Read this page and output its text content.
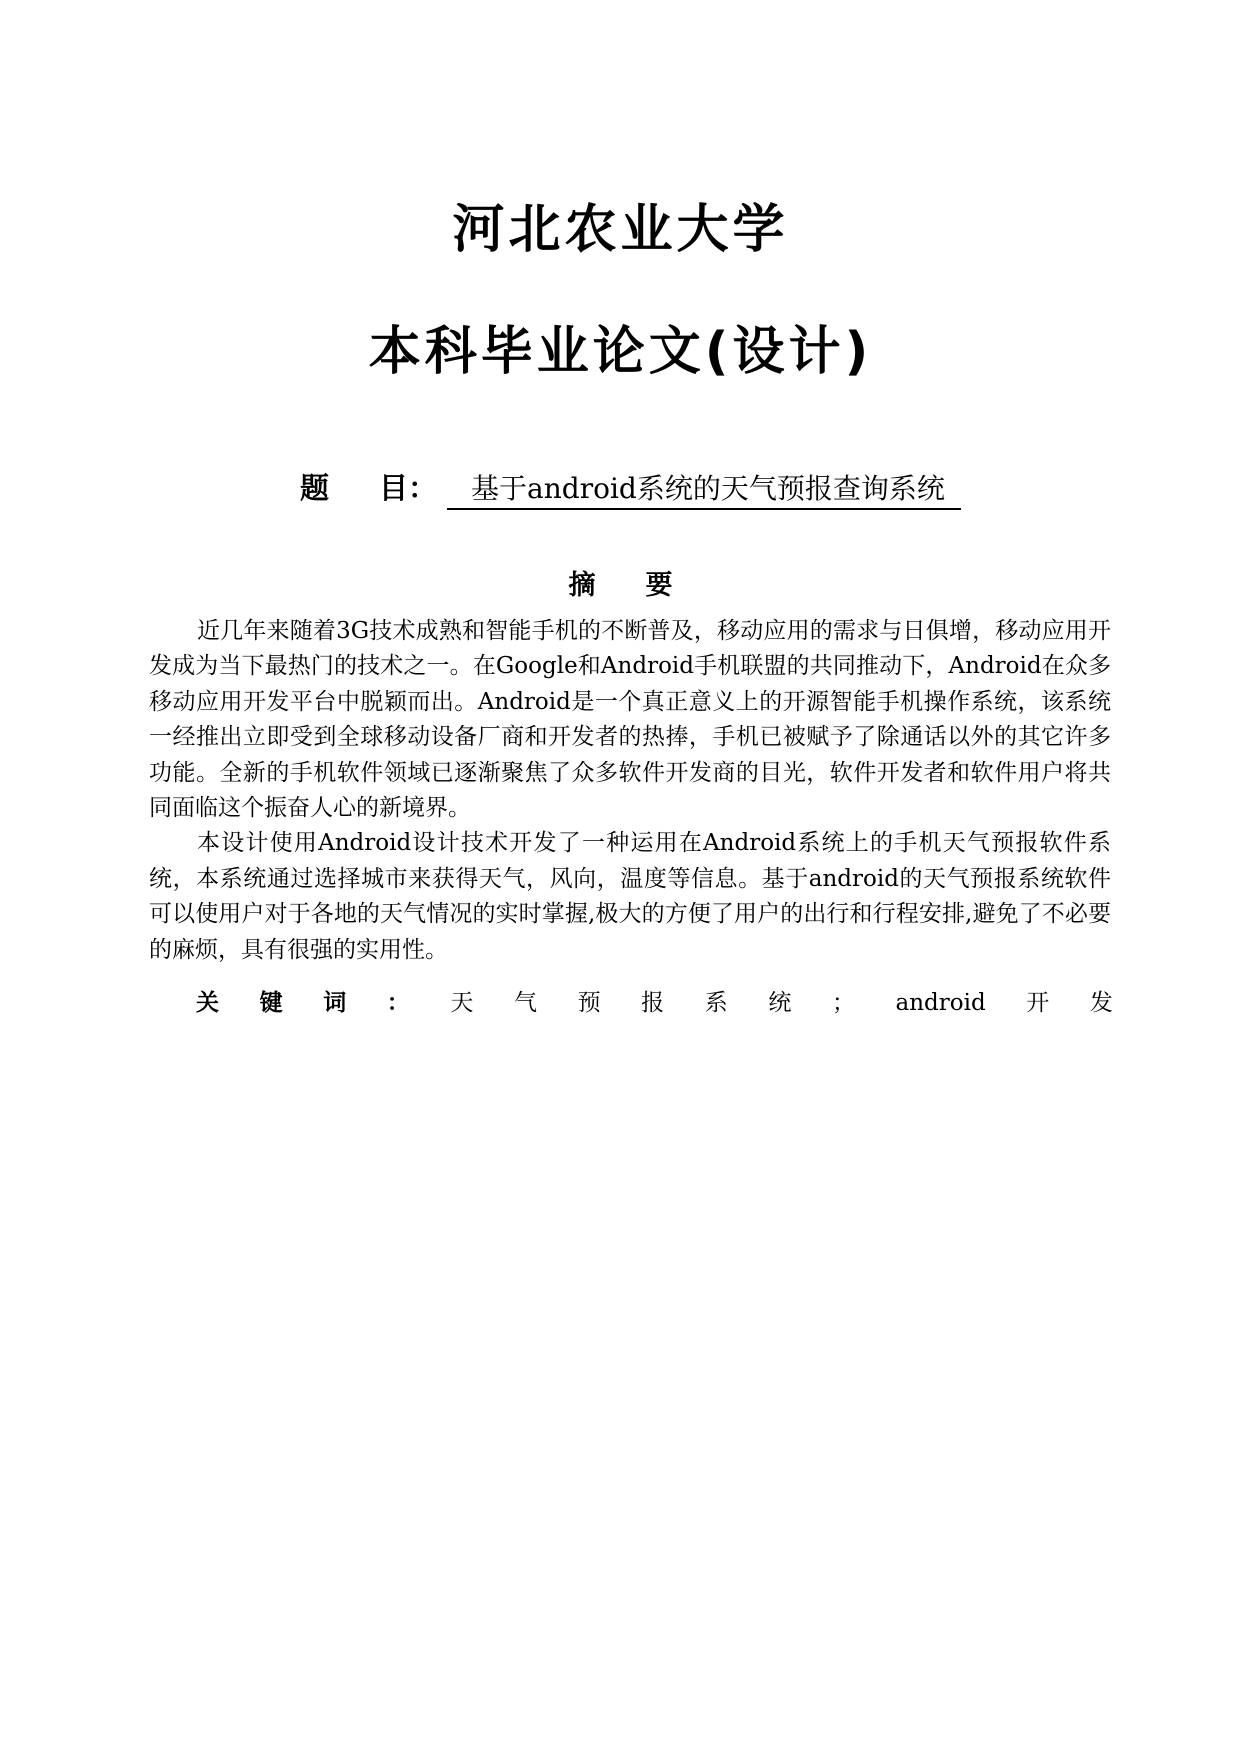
河北农业大学
本科毕业论文(设计)
题目： 基于android系统的天气预报查询系统
摘 要

近几年来随着3G技术成熟和智能手机的不断普及，移动应用的需求与日俱增，移动应用开发成为当下最热门的技术之一。在Google和Android手机联盟的共同推动下，Android在众多移动应用开发平台中脱颖而出。Android是一个真正意义上的开源智能手机操作系统，该系统一经推出立即受到全球移动设备厂商和开发者的热捧，手机已被赋予了除通话以外的其它许多功能。全新的手机软件领域已逐渐聚焦了众多软件开发商的目光，软件开发者和软件用户将共同面临这个振奋人心的新境界。

本设计使用Android设计技术开发了一种运用在Android系统上的手机天气预报软件系统，本系统通过选择城市来获得天气，风向，温度等信息。基于android的天气预报系统软件可以使用户对于各地的天气情况的实时掌握,极大的方便了用户的出行和行程安排,避免了不必要的麻烦，具有很强的实用性。

关 键 词 ： 天 气 预 报 系 统 ； android 开 发
